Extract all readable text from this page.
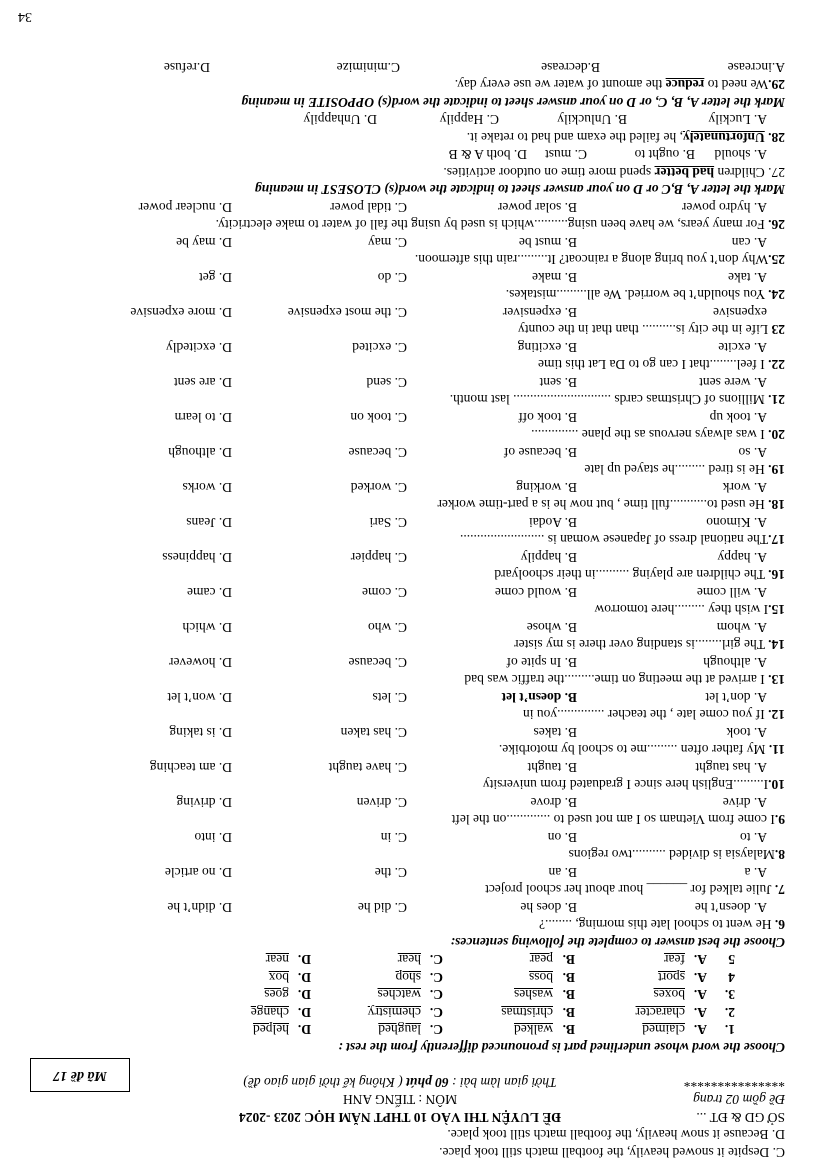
C. Despite it snowed heavily, the football match still took place.
D. Because it snow heavily, the football match still took place.
SỞ GD & ĐT ...
Đề gồm 02 trang
***************
ĐỀ LUYỆN THI VÀO 10 THPT NĂM HỌC 2023 -2024
MÔN : TIẾNG ANH
Thời gian làm bài : 60 phút ( Không kể thời gian giao đề)
Mã đề 17
Choose the word whose underlined part is pronounced differently from the rest :
1.
A.
claimed
B.
walked
C.
laughed
D.
helped
2.
A.
character
B.
christmas
C.
chemistry
D.
change
3.
A.
boxes
B.
washes
C.
watches
D.
goes
4
A.
sport
B.
boss
C.
shop
D.
box
5
A.
fear
B.
pear
C.
hear
D.
near
Choose the best answer to complete the following sentences:
6. He went to school late this morning, ........?
A. doesn’t he
B. does he
C. did he
D. didn’t he
7. Julie talked for ______ hour about her school project
A. a
B. an
C. the
D. no article
8.Malaysia is divided ..........two regions
A. to
B. on
C. in
D. into
9.I come from Vietnam so I am not used to .............on the left
A. drive
B. drove
C. driven
D. driving
10.I.........English here since I graduated from university
A. has taught
B. taught
C. have taught
D. am teaching
11. My father often .........me to school by motorbike.
A. took
B. takes
C. has taken
D. is taking
12. If you come late , the teacher ..............you in
A. don’t let
B. doesn’t let
C. lets
D. won’t let
13. I arrived at the meeting on time.........the traffic was bad
A. although
B. In spite of
C. because
D. however
14. The girl........is standing over there is my sister
A. whom
B. whose
C. who
D. which
15.I wish they .........here tomorrow
A. will come
B. would come
C. come
D. came
16. The children are playing ..........in their schoolyard
A. happy
B. happily
C. happier
D. happiness
17.The national dress of Japanese woman is .........................
A. Kimono
B. Aodai
C. Sari
D. Jeans
18. He used to...........full time , but now he is a part-time worker
A. work
B. working
C. worked
D. works
19. He is tired .........he stayed up late
A. so
B. because of
C. because
D. although
20. I was always nervous as the plane ..............
A. took up
B. took off
C. took on
D. to learn
21. Millions of Christmas cards ............................. last month.
A. were sent
B. sent
C. send
D. are sent
22. I feel........that I can go to Da Lat this time
A. excite
B. exciting
C. excited
D. excitedly
23 Life in the city is.......... than that in the county
expensive
B. expensiver
C. the most expensive
D. more expensive
24. You shouldn’t be worried. We all.........mistakes.
A. take
B. make
C. do
D. get
25.Why don’t you bring along a raincoat? It.........rain this afternoon.
A. can
B. must be
C. may
D. may be
26. For many years, we have been using..........which is used by using the fall of water to make electricity.
A. hydro power
B. solar power
C. tidal power
D. nuclear power
Mark the letter A, B,C or D on your answer sheet to indicate the word(s) CLOSEST in meaning
27. Children had better spend more time on outdoor activities.
A. should
B. ought to
C. must
D. both A & B
28. Unfortunately, he failed the exam and had to retake it.
A. Luckily
B. Unluckily
C. Happily
D. Unhappily
Mark the letter A, B, C, or D on your answer sheet to indicate the word(s) OPPOSITE in meaning
29.We need to reduce the amount of water we use every day.
A.increase
B.decrease
C.minimize
D.refuse
34
